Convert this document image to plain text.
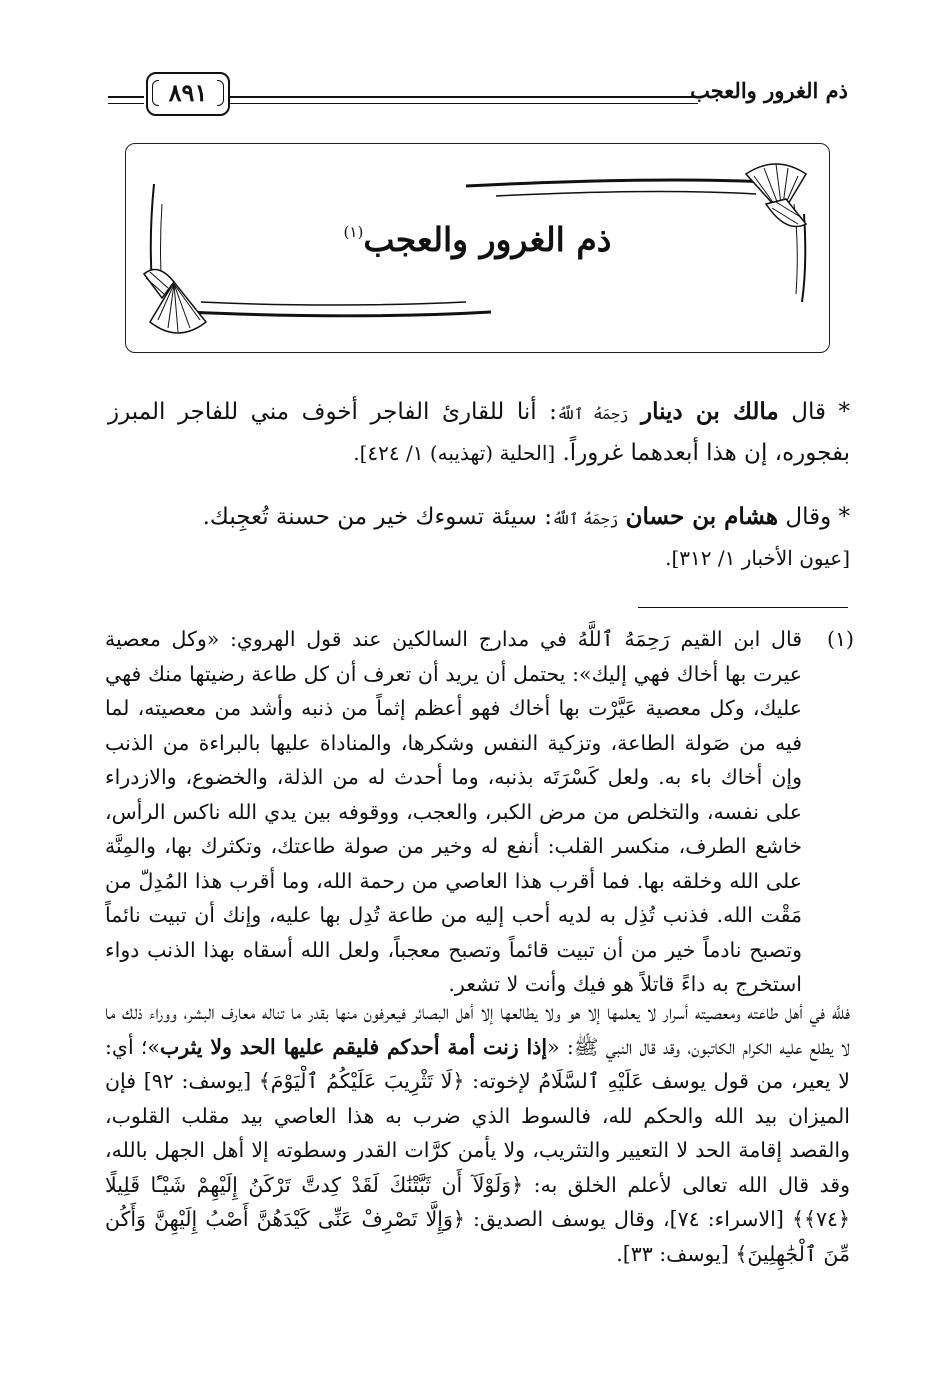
ذم الغرور والعجب
٨٩١
ذم الغرور والعجب$^{(١)}$

* قال مالك بن دينار رَحِمَهُ ٱللَّهُ: أنا للقارئ الفاجر أخوف مني للفاجر المبرز بفجوره، إن هذا أبعدهما غروراً. [الحلية (تهذيبه) ١/ ٤٢٤].

* وقال هشام بن حسان رَحِمَهُ ٱللَّهُ: سيئة تسوءك خير من حسنة تُعجِبك.

[عيون الأخبار ١/ ٣١٢].

(١)

قال ابن القيم رَحِمَهُ ٱللَّهُ في مدارج السالكين عند قول الهروي: «وكل معصية عيرت بها أخاك فهي إليك»: يحتمل أن يريد أن تعرف أن كل طاعة رضيتها منك فهي عليك، وكل معصية عَيَّرْت بها أخاك فهو أعظم إثماً من ذنبه وأشد من معصيته، لما فيه من صَولة الطاعة، وتزكية النفس وشكرها، والمناداة عليها بالبراءة من الذنب وإن أخاك باء به. ولعل كَسْرَتَه بذنبه، وما أحدث له من الذلة، والخضوع، والازدراء على نفسه، والتخلص من مرض الكبر، والعجب، ووقوفه بين يدي الله ناكس الرأس، خاشع الطرف، منكسر القلب: أنفع له وخير من صولة طاعتك، وتكثرك بها، والمِنَّة على الله وخلقه بها. فما أقرب هذا العاصي من رحمة الله، وما أقرب هذا المُدِلّ من مَقْت الله. فذنب تُذِل به لديه أحب إليه من طاعة تُدِل بها عليه، وإنك أن تبيت نائماً وتصبح نادماً خير من أن تبيت قائماً وتصبح معجباً، ولعل الله أسقاه بهذا الذنب دواء استخرج به داءً قاتلاً هو فيك وأنت لا تشعر.

فللَّه في أهل طاعته ومعصيته أسرار لا يعلمها إلا هو ولا يطالعها إلا أهل البصائر فيعرفون منها بقدر ما تناله معارف البشر، ووراء ذلك ما لا يطلع عليه الكرام الكاتبون، وقد قال النبي ﷺ: «إذا زنت أمة أحدكم فليقم عليها الحد ولا يثرب»؛ أي: لا يعير، من قول يوسف عَلَيْهِ ٱلسَّلَامُ لإخوته: ﴿لَا تَثْرِيبَ عَلَيْكُمُ ٱلْيَوْمَ﴾ [يوسف: ٩٢] فإن الميزان بيد الله والحكم لله، فالسوط الذي ضرب به هذا العاصي بيد مقلب القلوب، والقصد إقامة الحد لا التعيير والتثريب، ولا يأمن كرَّات القدر وسطوته إلا أهل الجهل بالله، وقد قال الله تعالى لأعلم الخلق به: ﴿وَلَوْلَآ أَن ثَبَّتْنَٰكَ لَقَدْ كِدتَّ تَرْكَنُ إِلَيْهِمْ شَيْـًٔا قَلِيلًا ﴿٧٤﴾﴾ [الاسراء: ٧٤]، وقال يوسف الصديق: ﴿وَإِلَّا تَصْرِفْ عَنِّى كَيْدَهُنَّ أَصْبُ إِلَيْهِنَّ وَأَكُن مِّنَ ٱلْجَٰهِلِينَ﴾ [يوسف: ٣٣].
